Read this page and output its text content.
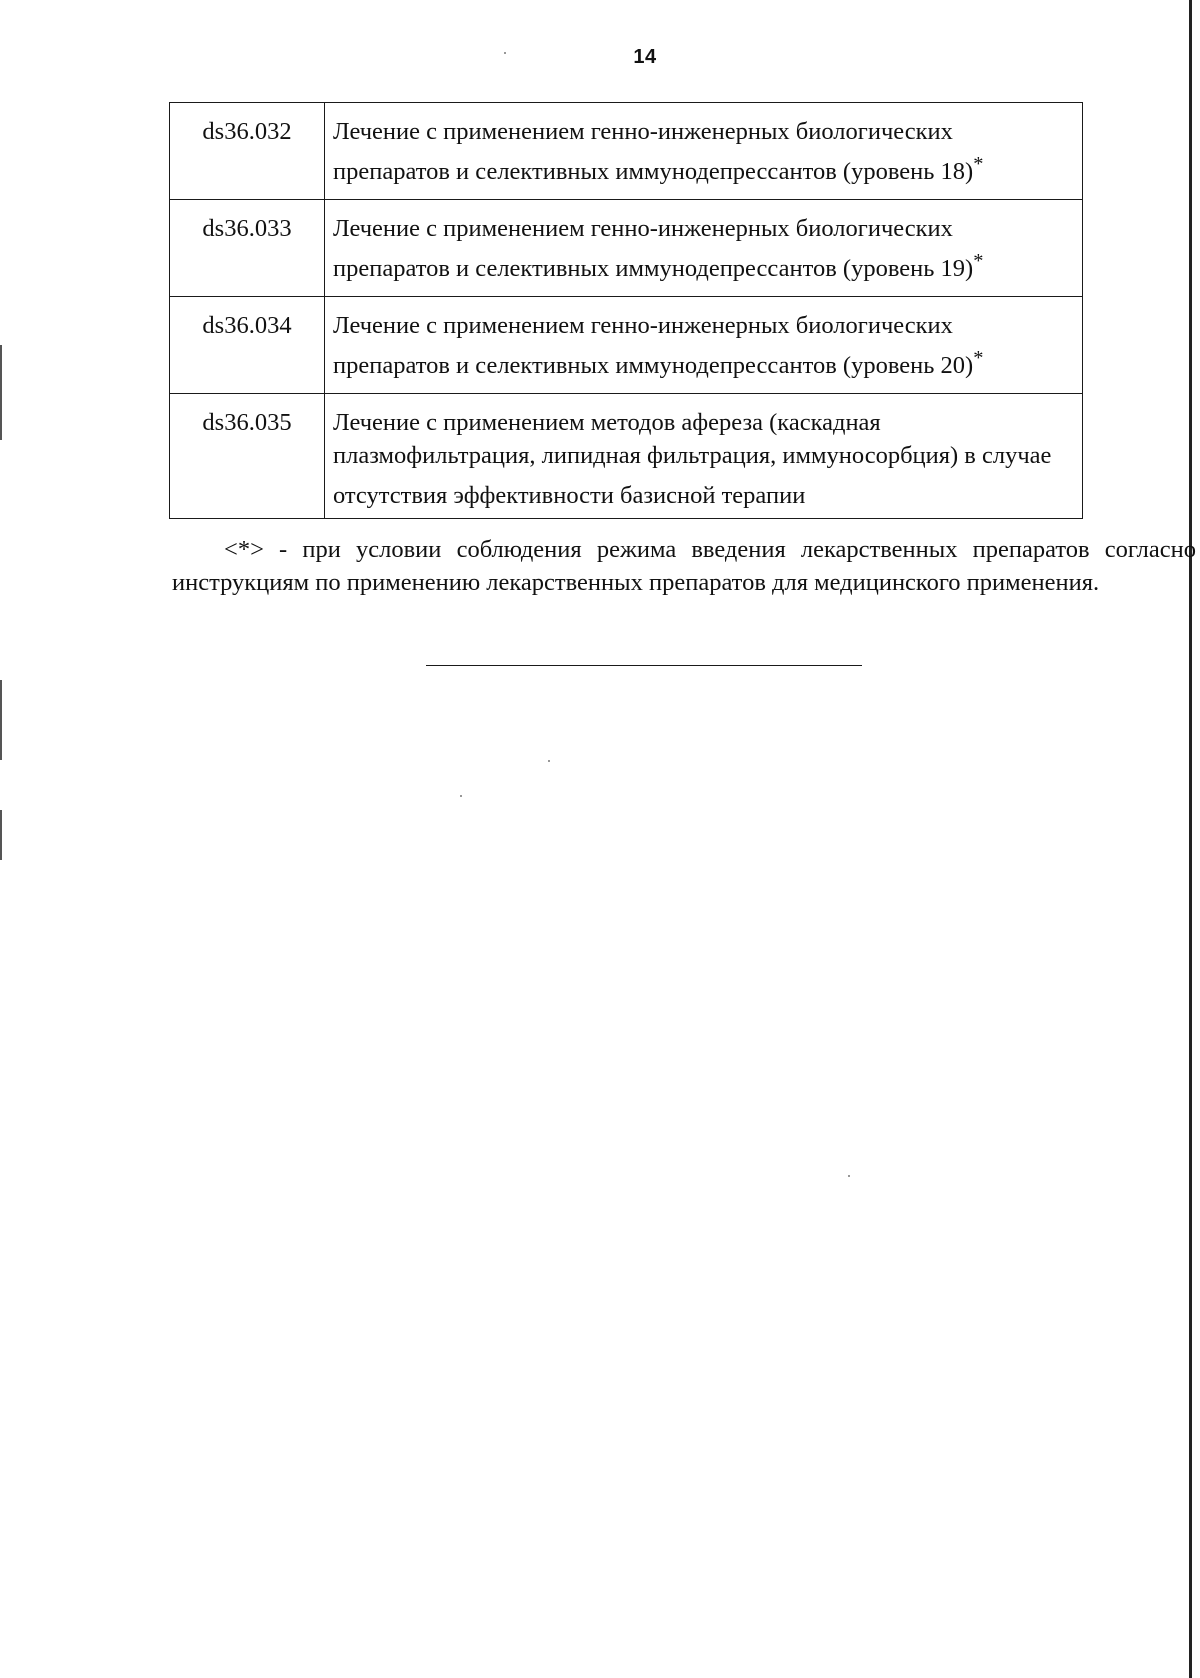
14
ds36.032	Лечение с применением генно-инженерных биологических препаратов и селективных иммунодепрессантов (уровень 18)*
ds36.033	Лечение с применением генно-инженерных биологических препаратов и селективных иммунодепрессантов (уровень 19)*
ds36.034	Лечение с применением генно-инженерных биологических препаратов и селективных иммунодепрессантов (уровень 20)*
ds36.035	Лечение с применением методов афереза (каскадная плазмофильтрация, липидная фильтрация, иммуносорбция) в случае отсутствия эффективности базисной терапии
<*> - при условии соблюдения режима введения лекарственных препаратов согласно инструкциям по применению лекарственных препаратов для медицинского применения.
